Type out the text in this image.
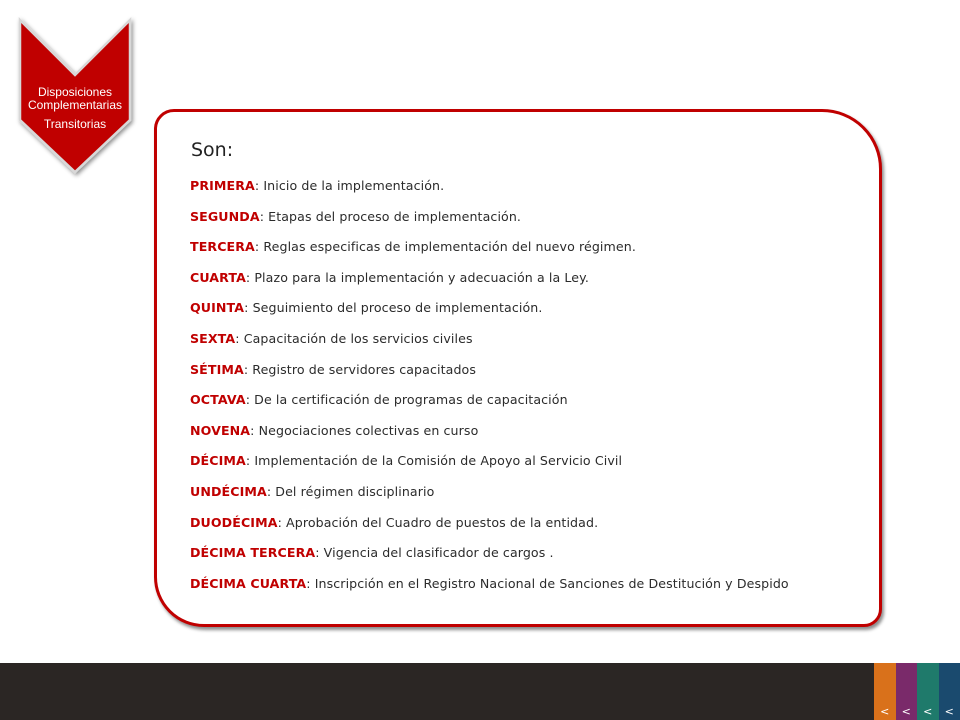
Disposiciones Complementarias
Transitorias
Son:
PRIMERA: Inicio de la implementación.
SEGUNDA: Etapas del proceso de implementación.
TERCERA: Reglas especificas de implementación del nuevo régimen.
CUARTA: Plazo para la implementación y adecuación a la Ley.
QUINTA: Seguimiento del proceso de implementación.
SEXTA: Capacitación de los servicios civiles
SÉTIMA: Registro de servidores capacitados
OCTAVA: De la certificación de programas de capacitación
NOVENA: Negociaciones colectivas en curso
DÉCIMA: Implementación de la Comisión de Apoyo al Servicio Civil
UNDÉCIMA: Del régimen disciplinario
DUODÉCIMA: Aprobación del Cuadro de puestos de la entidad.
DÉCIMA TERCERA: Vigencia del clasificador de cargos .
DÉCIMA CUARTA: Inscripción en el Registro Nacional de Sanciones de Destitución y Despido
<	<	<	<
